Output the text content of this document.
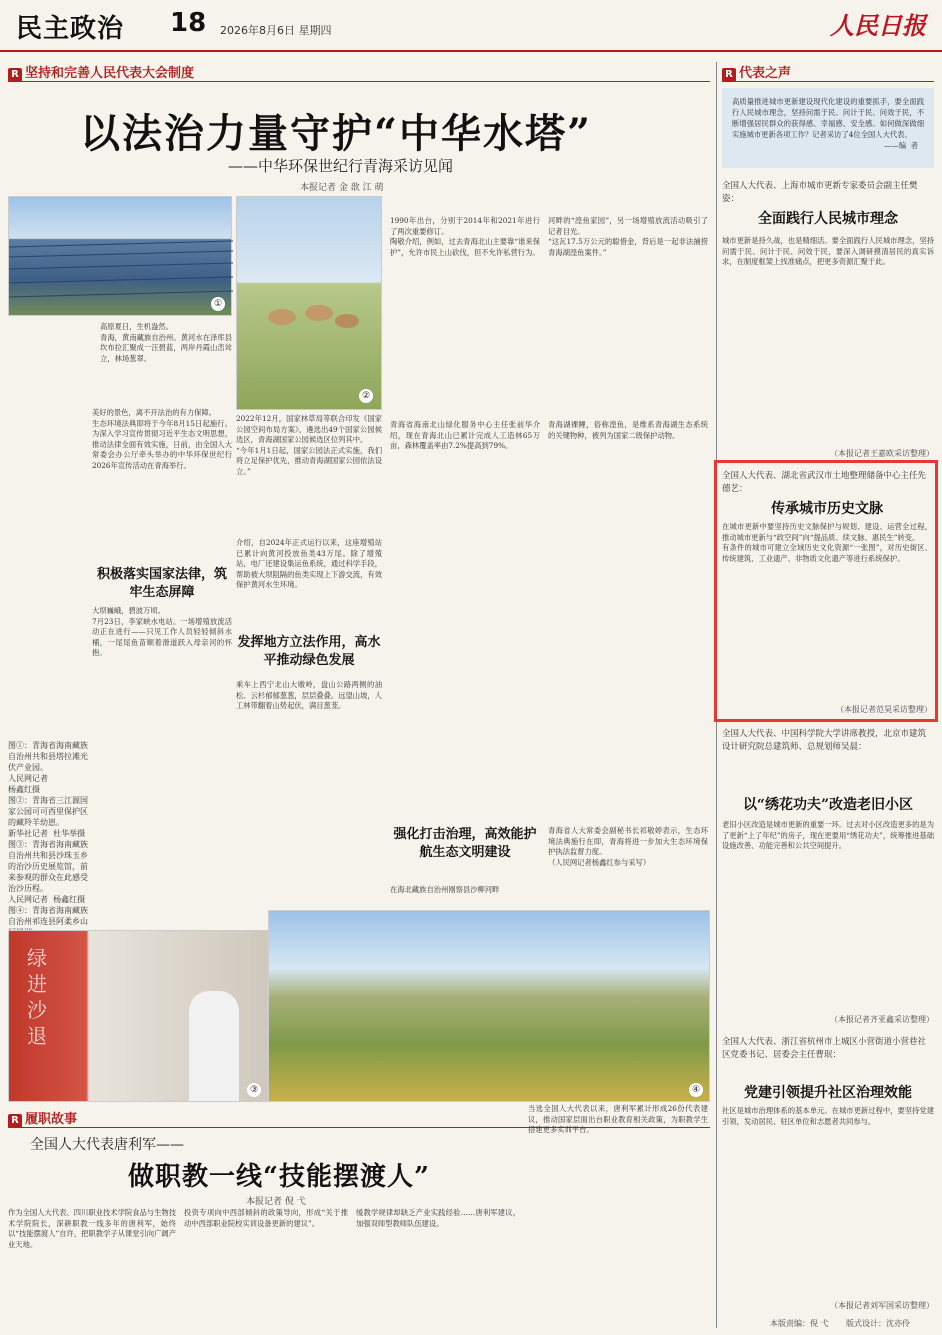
民主政治 18 2026年8月6日 星期四	人民日报
R 坚持和完善人民代表大会制度
以法治力量守护“中华水塔”
——中华环保世纪行青海采访见闻
本报记者 金 歆 江 萌
①
②
高原夏日，生机盎然。
青海，黄南藏族自治州。黄河水在泽库县坎布拉汇聚成一汪碧蓝，两岸丹霞山峦耸立，林场葱翠。
美好的景色，离不开法治的有力保障。
生态环境法典即将于今年8月15日起施行。为深入学习宣传贯彻习近平生态文明思想，推动法律全面有效实施，日前，由全国人大常委会办公厅牵头举办的中华环保世纪行2026年宣传活动在青海举行。
积极落实国家法律，筑牢生态屏障
大坝巍峨，碧波万顷。
7月23日，李家峡水电站。一场增殖放流活动正在进行——只见工作人员轻轻倾斜水桶，一尾尾鱼苗顺着滑道跃入母亲河的怀抱。
图①：青海省海南藏族自治州共和县塔拉滩光伏产业园。
人民网记者
杨鑫红摄
图②：青海省三江源国家公园可可西里保护区的藏羚羊幼崽。
新华社记者  杜华举摄
图③：青海省海南藏族自治州共和县沙珠玉乡的治沙历史展览馆，前来参观的群众在此感受治沙历程。
人民网记者  杨鑫红摄
图④：青海省海南藏族自治州祁连县阿柔乡山

2022年12月，国家林草局等联合印发《国家公园空间布局方案》，遴选出49个国家公园候选区，青海湖国家公园候选区位列其中。
“今年1月1日起，国家公园法正式实施，我们将立足保护优先，推动青海湖国家公园依法设立。”
介绍，自2024年正式运行以来，这座增殖站已累计向黄河投放鱼类43万尾。除了增殖站，电厂还建设集运鱼系统，通过科学手段，帮助被大坝阻隔的鱼类实现上下游交流，有效保护黄河水生环境。
发挥地方立法作用，高水平推动绿色发展
乘车上西宁北山大墩岭，盘山公路两侧的油松、云杉郁郁葱葱，层层叠叠。远望山坡，人工林带翻着山势起伏，满目葱茏。
1990年出台，分别于2014年和2021年进行了两次重要修订。
陶敬介绍，例如，过去青海北山主要靠“谁来保护”，允许市民上山砍伐，但不允许私营行为。
青海省海南北山绿化服务中心主任张前华介绍，现在青海北山已累计完成人工造林65万亩，森林覆盖率由7.2%提高到79%。
强化打击治理，高效能护航生态文明建设
在海北藏族自治州刚察县沙柳河畔
河畔的“湟鱼家园”，另一场增殖放流活动吸引了记者目光。
“这瓦17.5万公元的聪惜金，背后是一起非法捕捞青海湖湟鱼案件。”
青海湖裸鲤，俗称湟鱼，是维系青海湖生态系统的关键物种，被列为国家二级保护动物。
青海省人大常委会副秘书长祁敬婷表示，生态环境法典施行在即，青海将进一步加大生态环境保护执法监督力度。
（人民网记者杨鑫红参与采写）
绿 进 沙 退
③	④
R 履职故事
全国人大代表唐利军——
做职教一线“技能摆渡人”
本报记者 倪 弋
作为全国人大代表、四川职业技术学院食品与生物技术学院院长，深耕职教一线多年的唐利军，始终以“技能摆渡人”自许，把职教学子从课堂引向广阔产业天地。
投资专项向中西部倾斜的政策导向，形成“关于推动中西部职业院校实训设备更新的建议”。
缓教学规律却缺乏产业实践经验……唐利军建议，加强双师型教师队伍建设。
当选全国人大代表以来，唐利军累计形成26份代表建议，推动国家层面出台职业教育相关政策，为职教学生搭建更多实训平台。
R 代表之声
高质量推进城市更新建设现代化建设的重要抓手，要全面践行人民城市理念，坚持问需于民、问计于民、问效于民，不断增强居民群众的获得感、幸福感、安全感。如何做深做细实施城市更新各项工作？记者采访了4位全国人大代表。
——编  者
全国人大代表、上海市城市更新专家委员会副主任樊姿：
全面践行人民城市理念
城市更新是持久战，也是精细活。要全面践行人民城市理念，坚持问需于民、问计于民、问效于民，要深入调研摸清居民的真实诉求，在制度框架上找准痛点，把更多资源汇聚于此。
（本报记者王嘉欧采访整理）
全国人大代表、湖北省武汉市土地整理储备中心主任先德艺：
传承城市历史文脉
在城市更新中要坚持历史文脉保护与规划、建设、运营全过程，推动城市更新与“政空间”向“提品质、续文脉、惠民生”转变。
有条件的城市可建立全域历史文化资源“一张图”，对历史街区、传统建筑、工业遗产、非物质文化遗产等进行系统保护。
（本报记者范昊采访整理）
全国人大代表、中国科学院大学讲席教授，北京市建筑设计研究院总建筑师、总规划师吴晨：
以“绣花功夫”改造老旧小区
老旧小区改造是城市更新的重要一环。过去对小区改造更多的是为了更新“上了年纪”的房子，现在更要用“绣花功夫”，统筹推进基础设施改善、功能完善和公共空间提升。
（本报记者齐亚鑫采访整理）
全国人大代表、浙江省杭州市上城区小营街道小营巷社区党委书记、居委会主任曹珉：
党建引领提升社区治理效能
社区是城市治理体系的基本单元。在城市更新过程中，要坚持党建引领，发动居民、驻区单位和志愿者共同参与。
（本报记者刘军国采访整理）
本版责编：倪 弋 版式设计：沈亦伶
